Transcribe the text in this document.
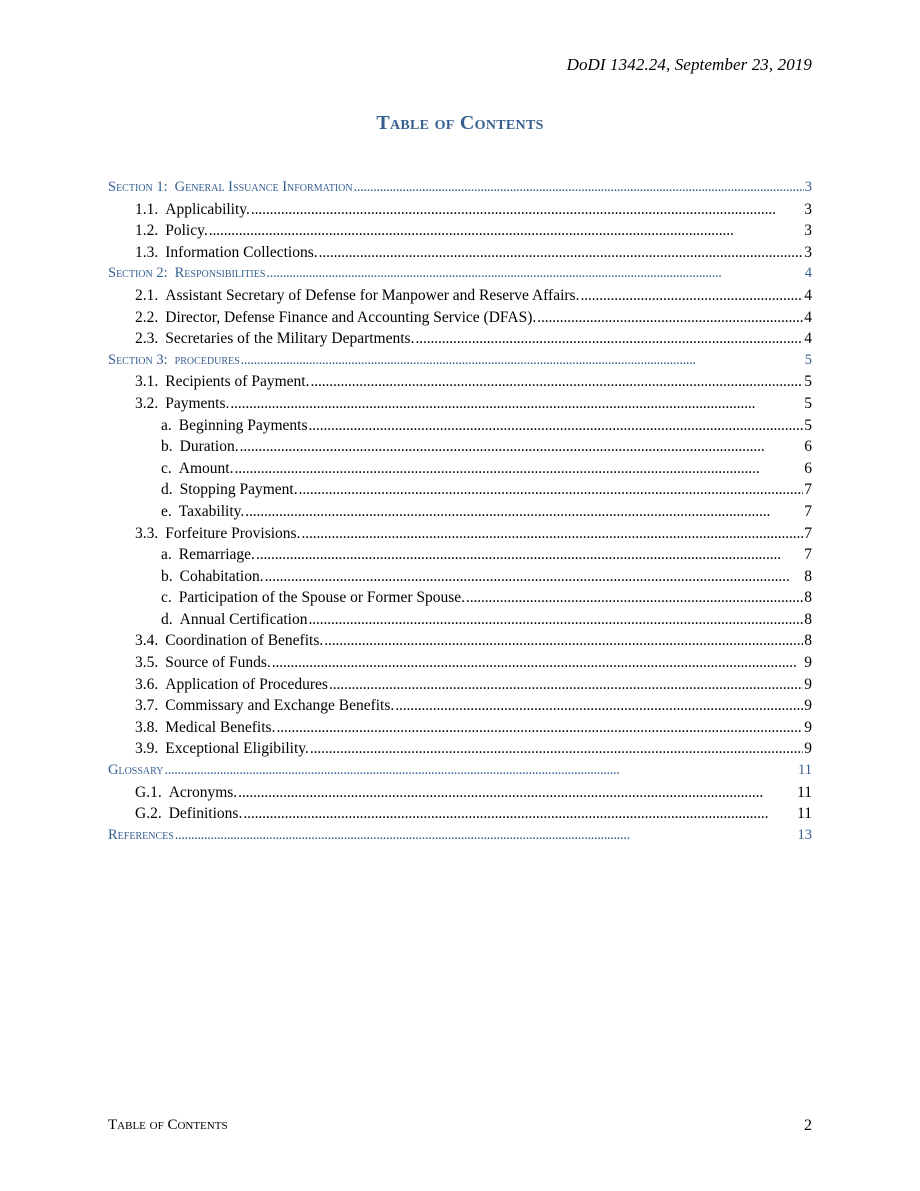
DoDI 1342.24, September 23, 2019
Table of Contents
Section 1: General Issuance Information . . .	3
1.1. Applicability. . . .	3
1.2. Policy. . . .	3
1.3. Information Collections. . . .	3
Section 2: Responsibilities . . .	4
2.1. Assistant Secretary of Defense for Manpower and Reserve Affairs. . . .	4
2.2. Director, Defense Finance and Accounting Service (DFAS). . . .	4
2.3. Secretaries of the Military Departments. . . .	4
Section 3: procedures . . .	5
3.1. Recipients of Payment. . . .	5
3.2. Payments. . . .	5
a. Beginning Payments . . .	5
b. Duration. . . .	6
c. Amount. . . .	6
d. Stopping Payment. . . .	7
e. Taxability. . . .	7
3.3. Forfeiture Provisions. . . .	7
a. Remarriage. . . .	7
b. Cohabitation. . . .	8
c. Participation of the Spouse or Former Spouse. . . .	8
d. Annual Certification . . .	8
3.4. Coordination of Benefits. . . .	8
3.5. Source of Funds. . . .	9
3.6. Application of Procedures . . .	9
3.7. Commissary and Exchange Benefits. . . .	9
3.8. Medical Benefits. . . .	9
3.9. Exceptional Eligibility. . . .	9
Glossary . . .	11
G.1. Acronyms. . . .	11
G.2. Definitions. . . .	11
References . . .	13
Table of Contents	2
